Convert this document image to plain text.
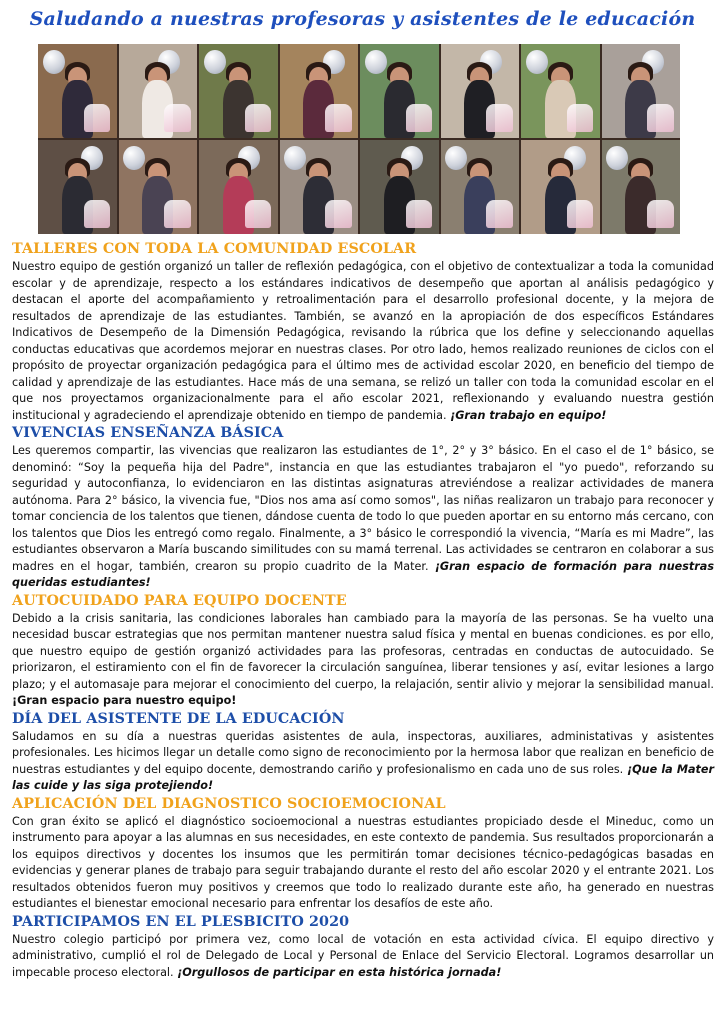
Saludando a nuestras profesoras y asistentes de le educación
TALLERES CON TODA LA COMUNIDAD ESCOLAR

Nuestro equipo de gestión organizó un taller de reflexión pedagógica, con el objetivo de contextualizar a toda la comunidad escolar y de aprendizaje, respecto a los estándares indicativos de desempeño que aportan al análisis pedagógico y destacan el aporte del acompañamiento y retroalimentación para el desarrollo profesional docente, y la mejora de resultados de aprendizaje de las estudiantes. También, se avanzó en la apropiación de dos específicos Estándares Indicativos de Desempeño de la Dimensión Pedagógica, revisando la rúbrica que los define y seleccionando aquellas conductas educativas que acordemos mejorar en nuestras clases. Por otro lado, hemos realizado reuniones de ciclos con el propósito de proyectar organización pedagógica para el último mes de actividad escolar 2020, en beneficio del tiempo de calidad y aprendizaje de las estudiantes. Hace más de una semana, se relizó un taller con toda la comunidad escolar en el que nos proyectamos organizacionalmente para el año escolar 2021, reflexionando y evaluando nuestra gestión institucional y agradeciendo el aprendizaje obtenido en tiempo de pandemia. ¡Gran trabajo en equipo!

VIVENCIAS ENSEÑANZA BÁSICA

Les queremos compartir, las vivencias que realizaron las estudiantes de 1°, 2° y 3° básico. En el caso el de 1° básico, se denominó: “Soy la pequeña hija del Padre", instancia en que las estudiantes trabajaron el "yo puedo", reforzando su seguridad y autoconfianza, lo evidenciaron en las distintas asignaturas atreviéndose a realizar actividades de manera autónoma. Para 2° básico, la vivencia fue, "Dios nos ama así como somos", las niñas realizaron un trabajo para reconocer y tomar conciencia de los talentos que tienen, dándose cuenta de todo lo que pueden aportar en su entorno más cercano, con los talentos que Dios les entregó como regalo. Finalmente, a 3° básico le correspondió la vivencia, “María es mi Madre”, las estudiantes observaron a María buscando similitudes con su mamá terrenal. Las actividades se centraron en colaborar a sus madres en el hogar, también, crearon su propio cuadrito de la Mater. ¡Gran espacio de formación para nuestras queridas estudiantes!

AUTOCUIDADO PARA EQUIPO DOCENTE

Debido a la crisis sanitaria, las condiciones laborales han cambiado para la mayoría de las personas. Se ha vuelto una necesidad buscar estrategias que nos permitan mantener nuestra salud física y mental en buenas condiciones. es por ello, que nuestro equipo de gestión organizó actividades para las profesoras, centradas en conductas de autocuidado. Se priorizaron, el estiramiento con el fin de favorecer la circulación sanguínea, liberar tensiones y así, evitar lesiones a largo plazo; y el automasaje para mejorar el conocimiento del cuerpo, la relajación, sentir alivio y mejorar la sensibilidad manual. ¡Gran espacio para nuestro equipo!

DÍA DEL ASISTENTE DE LA EDUCACIÓN

Saludamos en su día a nuestras queridas asistentes de aula, inspectoras, auxiliares, administativas y asistentes profesionales. Les hicimos llegar un detalle como signo de reconocimiento por la hermosa labor que realizan en beneficio de nuestras estudiantes y del equipo docente, demostrando cariño y profesionalismo en cada uno de sus roles. ¡Que la Mater las cuide y las siga protejiendo!

APLICACIÓN DEL DIAGNOSTICO SOCIOEMOCIONAL

Con gran éxito se aplicó el diagnóstico socioemocional a nuestras estudiantes propiciado desde el Mineduc, como un instrumento para apoyar a las alumnas en sus necesidades, en este contexto de pandemia. Sus resultados proporcionarán a los equipos directivos y docentes los insumos que les permitirán tomar decisiones técnico-pedagógicas basadas en evidencias y generar planes de trabajo para seguir trabajando durante el resto del año escolar 2020 y el entrante 2021. Los resultados obtenidos fueron muy positivos y creemos que todo lo realizado durante este año, ha generado en nuestras estudiantes el bienestar emocional necesario para enfrentar los desafíos de este año.

PARTICIPAMOS EN EL PLESBICITO 2020

Nuestro colegio participó por primera vez, como local de votación en esta actividad cívica. El equipo directivo y administrativo, cumplió el rol de Delegado de Local y Personal de Enlace del Servicio Electoral. Logramos desarrollar un impecable proceso electoral. ¡Orgullosos de participar en esta histórica jornada!
